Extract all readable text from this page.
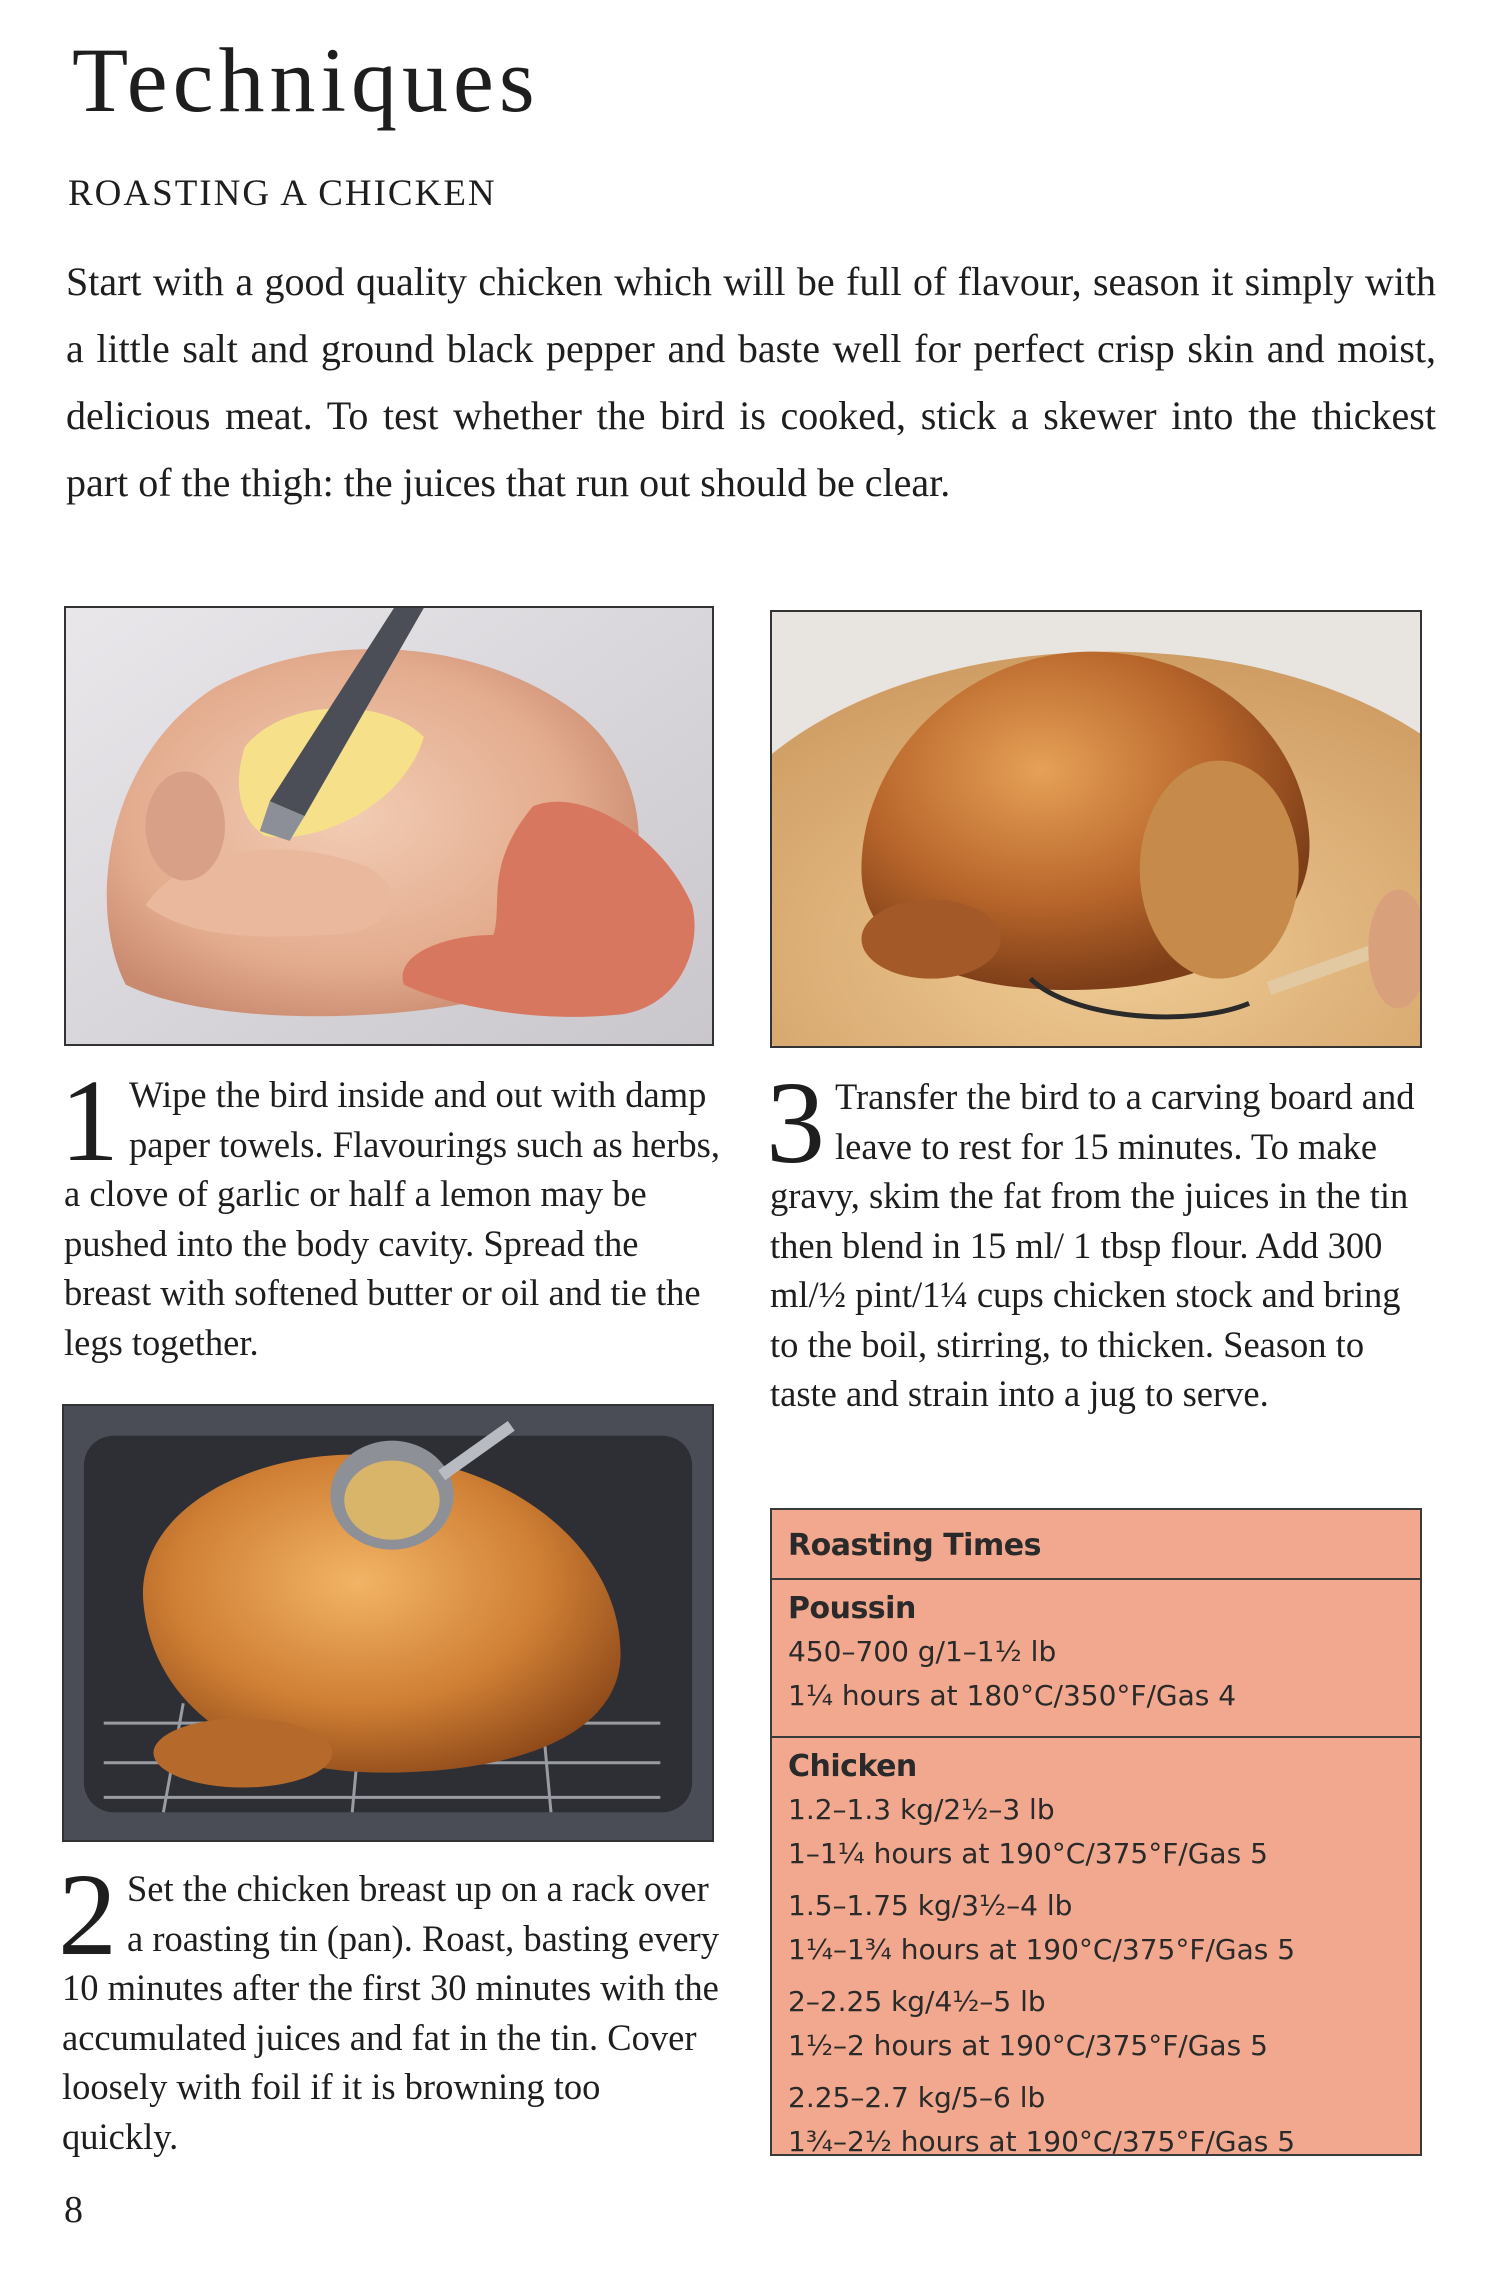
Techniques
ROASTING A CHICKEN

Start with a good quality chicken which will be full of flavour, season it simply with a little salt and ground black pepper and baste well for perfect crisp skin and moist, delicious meat. To test whether the bird is cooked, stick a skewer into the thickest part of the thigh: the juices that run out should be clear.

1 Wipe the bird inside and out with damp paper towels. Flavourings such as herbs, a clove of garlic or half a lemon may be pushed into the body cavity. Spread the breast with softened butter or oil and tie the legs together.
3 Transfer the bird to a carving board and leave to rest for 15 minutes. To make gravy, skim the fat from the juices in the tin then blend in 15 ml/ 1 tbsp flour. Add 300 ml/½ pint/1¼ cups chicken stock and bring to the boil, stirring, to thicken. Season to taste and strain into a jug to serve.
2 Set the chicken breast up on a rack over a roasting tin (pan). Roast, basting every 10 minutes after the first 30 minutes with the accumulated juices and fat in the tin. Cover loosely with foil if it is browning too quickly.
Roasting Times
Poussin
450–700 g/1–1½ lb
1¼ hours at 180°C/350°F/Gas 4
Chicken
1.2–1.3 kg/2½–3 lb
1–1¼ hours at 190°C/375°F/Gas 5
1.5–1.75 kg/3½–4 lb
1¼–1¾ hours at 190°C/375°F/Gas 5
2–2.25 kg/4½–5 lb
1½–2 hours at 190°C/375°F/Gas 5
2.25–2.7 kg/5–6 lb
1¾–2½ hours at 190°C/375°F/Gas 5
8
